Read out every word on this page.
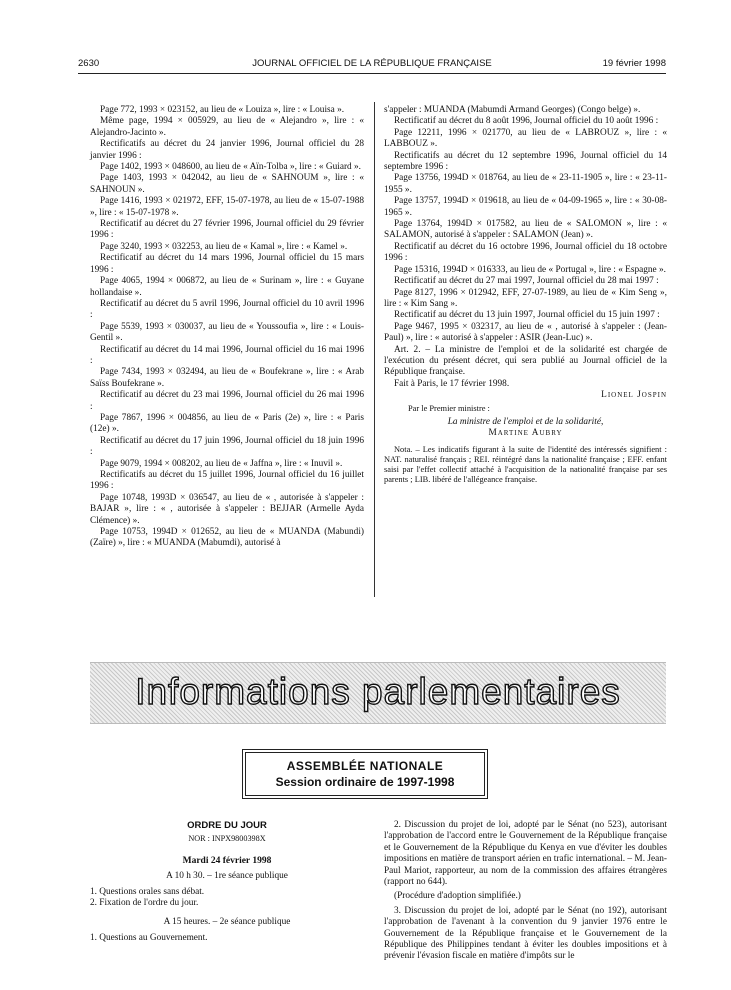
2630	JOURNAL OFFICIEL DE LA RÉPUBLIQUE FRANÇAISE	19 février 1998

Page 772, 1993 × 023152, au lieu de « Louiza », lire : « Louisa ».

Même page, 1994 × 005929, au lieu de « Alejandro », lire : « Alejandro-Jacinto ».

Rectificatifs au décret du 24 janvier 1996, Journal officiel du 28 janvier 1996 :

Page 1402, 1993 × 048600, au lieu de « Aïn-Tolba », lire : « Guiard ».

Page 1403, 1993 × 042042, au lieu de « SAHNOUM », lire : « SAHNOUN ».

Page 1416, 1993 × 021972, EFF, 15-07-1978, au lieu de « 15-07-1988 », lire : « 15-07-1978 ».

Rectificatif au décret du 27 février 1996, Journal officiel du 29 février 1996 :

Page 3240, 1993 × 032253, au lieu de « Kamal », lire : « Kamel ».

Rectificatif au décret du 14 mars 1996, Journal officiel du 15 mars 1996 :

Page 4065, 1994 × 006872, au lieu de « Surinam », lire : « Guyane hollandaise ».

Rectificatif au décret du 5 avril 1996, Journal officiel du 10 avril 1996 :

Page 5539, 1993 × 030037, au lieu de « Youssoufia », lire : « Louis-Gentil ».

Rectificatif au décret du 14 mai 1996, Journal officiel du 16 mai 1996 :

Page 7434, 1993 × 032494, au lieu de « Boufekrane », lire : « Arab Saïss Boufekrane ».

Rectificatif au décret du 23 mai 1996, Journal officiel du 26 mai 1996 :

Page 7867, 1996 × 004856, au lieu de « Paris (2e) », lire : « Paris (12e) ».

Rectificatif au décret du 17 juin 1996, Journal officiel du 18 juin 1996 :

Page 9079, 1994 × 008202, au lieu de « Jaffna », lire : « Inuvil ».

Rectificatifs au décret du 15 juillet 1996, Journal officiel du 16 juillet 1996 :

Page 10748, 1993D × 036547, au lieu de « , autorisée à s'appeler : BAJAR », lire : « , autorisée à s'appeler : BEJJAR (Armelle Ayda Clémence) ».

Page 10753, 1994D × 012652, au lieu de « MUANDA (Mabundi) (Zaïre) », lire : « MUANDA (Mabumdi), autorisé à

s'appeler : MUANDA (Mabumdi Armand Georges) (Congo belge) ».

Rectificatif au décret du 8 août 1996, Journal officiel du 10 août 1996 :

Page 12211, 1996 × 021770, au lieu de « LABROUZ », lire : « LABBOUZ ».

Rectificatifs au décret du 12 septembre 1996, Journal officiel du 14 septembre 1996 :

Page 13756, 1994D × 018764, au lieu de « 23-11-1905 », lire : « 23-11-1955 ».

Page 13757, 1994D × 019618, au lieu de « 04-09-1965 », lire : « 30-08-1965 ».

Page 13764, 1994D × 017582, au lieu de « SALOMON », lire : « SALAMON, autorisé à s'appeler : SALAMON (Jean) ».

Rectificatif au décret du 16 octobre 1996, Journal officiel du 18 octobre 1996 :

Page 15316, 1994D × 016333, au lieu de « Portugal », lire : « Espagne ».

Rectificatif au décret du 27 mai 1997, Journal officiel du 28 mai 1997 :

Page 8127, 1996 × 012942, EFF, 27-07-1989, au lieu de « Kim Seng », lire : « Kim Sang ».

Rectificatif au décret du 13 juin 1997, Journal officiel du 15 juin 1997 :

Page 9467, 1995 × 032317, au lieu de « , autorisé à s'appeler : (Jean-Paul) », lire : « autorisé à s'appeler : ASIR (Jean-Luc) ».

Art. 2. – La ministre de l'emploi et de la solidarité est chargée de l'exécution du présent décret, qui sera publié au Journal officiel de la République française.

Fait à Paris, le 17 février 1998.

Lionel Jospin

Par le Premier ministre :

La ministre de l'emploi et de la solidarité,

Martine Aubry

Nota. – Les indicatifs figurant à la suite de l'identité des intéressés signifient : NAT. naturalisé français ; REI. réintégré dans la nationalité française ; EFF. enfant saisi par l'effet collectif attaché à l'acquisition de la nationalité française par ses parents ; LIB. libéré de l'allégeance française.

Informations parlementaires
ASSEMBLÉE NATIONALE
Session ordinaire de 1997-1998
ORDRE DU JOUR
NOR : INPX9800398X
Mardi 24 février 1998
A 10 h 30. – 1re séance publique

1. Questions orales sans débat.

2. Fixation de l'ordre du jour.

A 15 heures. – 2e séance publique

1. Questions au Gouvernement.

2. Discussion du projet de loi, adopté par le Sénat (no 523), autorisant l'approbation de l'accord entre le Gouvernement de la République française et le Gouvernement de la République du Kenya en vue d'éviter les doubles impositions en matière de transport aérien en trafic international. – M. Jean-Paul Mariot, rapporteur, au nom de la commission des affaires étrangères (rapport no 644).

(Procédure d'adoption simplifiée.)

3. Discussion du projet de loi, adopté par le Sénat (no 192), autorisant l'approbation de l'avenant à la convention du 9 janvier 1976 entre le Gouvernement de la République française et le Gouvernement de la République des Philippines tendant à éviter les doubles impositions et à prévenir l'évasion fiscale en matière d'impôts sur le
